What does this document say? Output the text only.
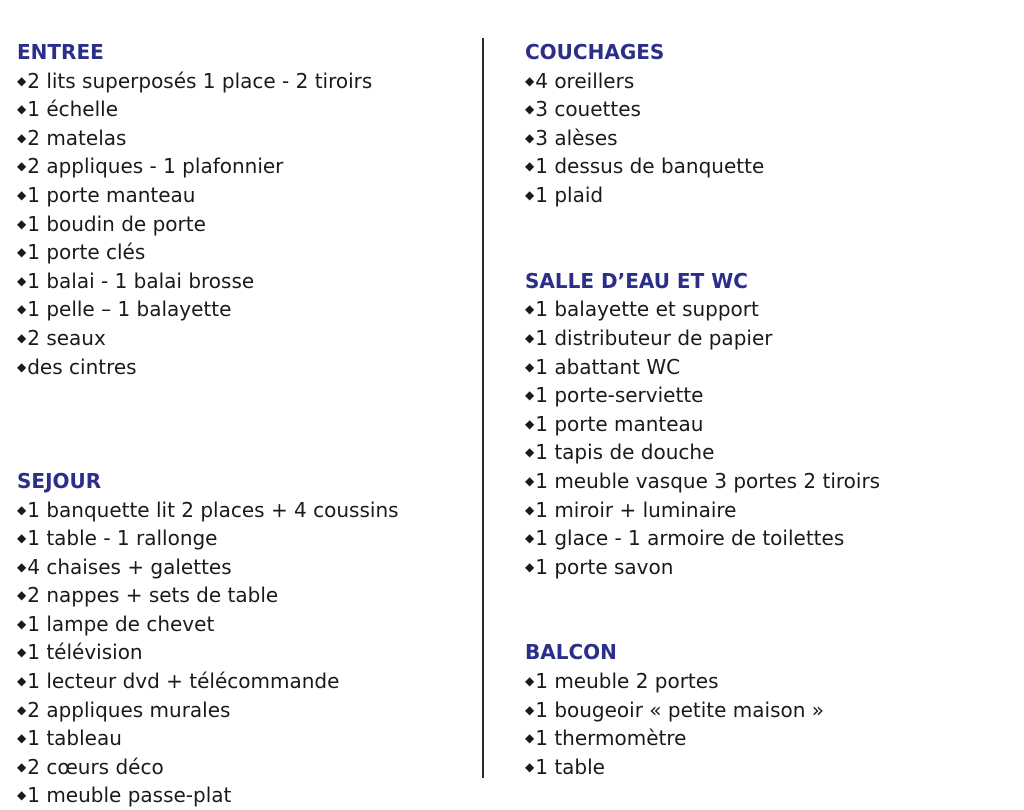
ENTREE
◆2 lits superposés 1 place - 2 tiroirs
◆1 échelle
◆2 matelas
◆2 appliques - 1 plafonnier
◆1 porte manteau
◆1 boudin de porte
◆1 porte clés
◆1 balai - 1 balai brosse
◆1 pelle – 1 balayette
◆2 seaux
◆des cintres
SEJOUR
◆1 banquette lit 2 places + 4 coussins
◆1 table - 1 rallonge
◆4 chaises + galettes
◆2 nappes + sets de table
◆1 lampe de chevet
◆1 télévision
◆1 lecteur dvd + télécommande
◆2 appliques murales
◆1 tableau
◆2 cœurs déco
◆1 meuble passe-plat
COUCHAGES
◆4 oreillers
◆3 couettes
◆3 alèses
◆1 dessus de banquette
◆1 plaid
SALLE D’EAU ET WC
◆1 balayette et support
◆1 distributeur de papier
◆1 abattant WC
◆1 porte-serviette
◆1 porte manteau
◆1 tapis de douche
◆1 meuble vasque 3 portes 2 tiroirs
◆1 miroir + luminaire
◆1 glace - 1 armoire de toilettes
◆1 porte savon
BALCON
◆1 meuble 2 portes
◆1 bougeoir « petite maison »
◆1 thermomètre
◆1 table
